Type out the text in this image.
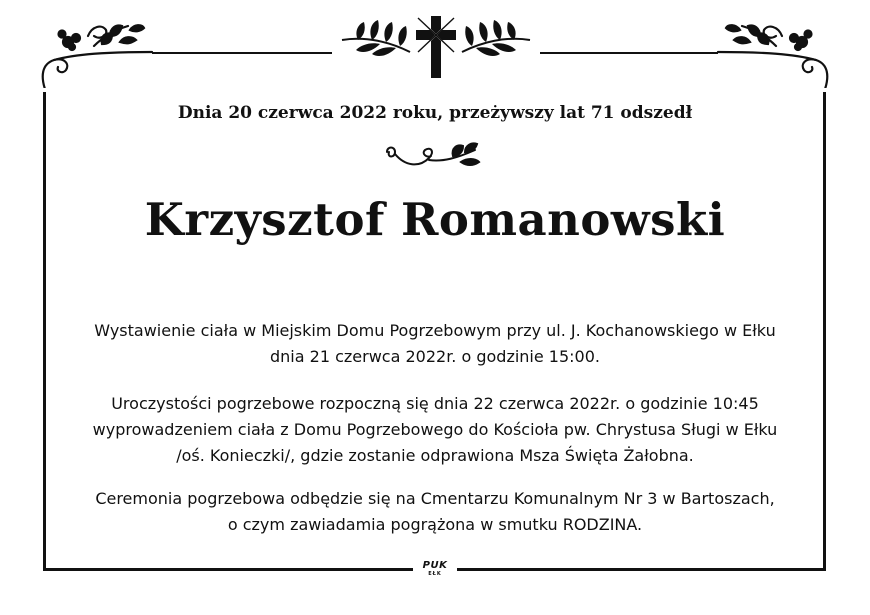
Dnia 20 czerwca 2022 roku, przeżywszy lat 71 odszedł
Krzysztof Romanowski
Wystawienie ciała w Miejskim Domu Pogrzebowym przy ul. J. Kochanowskiego w Ełku
dnia 21 czerwca 2022r. o godzinie 15:00.
Uroczystości pogrzebowe rozpoczną się dnia 22 czerwca 2022r. o godzinie 10:45
wyprowadzeniem ciała z Domu Pogrzebowego do Kościoła pw. Chrystusa Sługi w Ełku
/oś. Konieczki/, gdzie zostanie odprawiona Msza Święta Żałobna.
Ceremonia pogrzebowa odbędzie się na Cmentarzu Komunalnym Nr 3 w Bartoszach,
o czym zawiadamia pogrążona w smutku RODZINA.
PUK
EŁK
